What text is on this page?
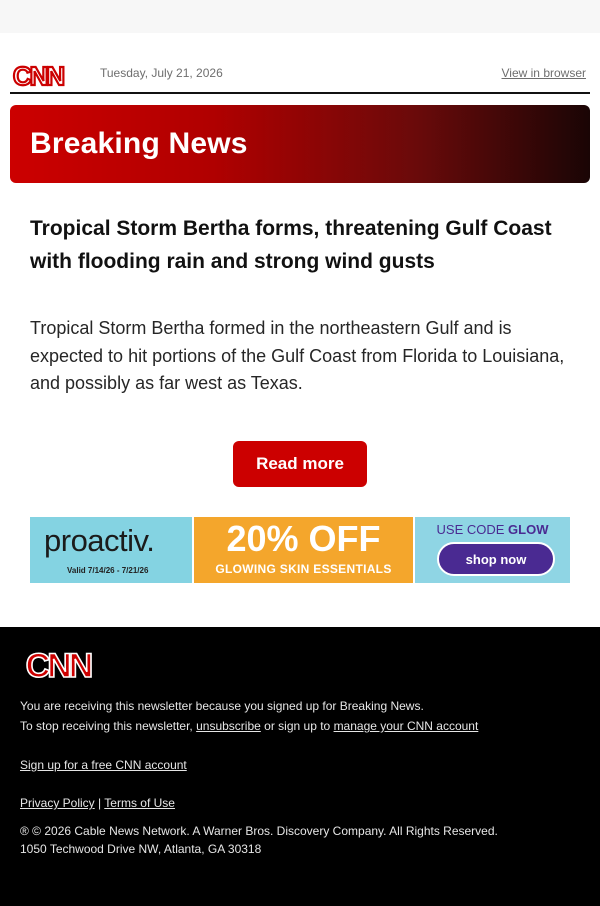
CNN	Tuesday, July 21, 2026	View in browser
Breaking News
Tropical Storm Bertha forms, threatening Gulf Coast with flooding rain and strong wind gusts
Tropical Storm Bertha formed in the northeastern Gulf and is expected to hit portions of the Gulf Coast from Florida to Louisiana, and possibly as far west as Texas.
Read more
proactiv.
Valid 7/14/26 - 7/21/26
20% OFF
GLOWING SKIN ESSENTIALS
USE CODE GLOW
shop now
CNN
You are receiving this newsletter because you signed up for Breaking News.
To stop receiving this newsletter, unsubscribe or sign up to manage your CNN account
Sign up for a free CNN account
Privacy Policy | Terms of Use
® © 2026 Cable News Network. A Warner Bros. Discovery Company. All Rights Reserved.
1050 Techwood Drive NW, Atlanta, GA 30318
